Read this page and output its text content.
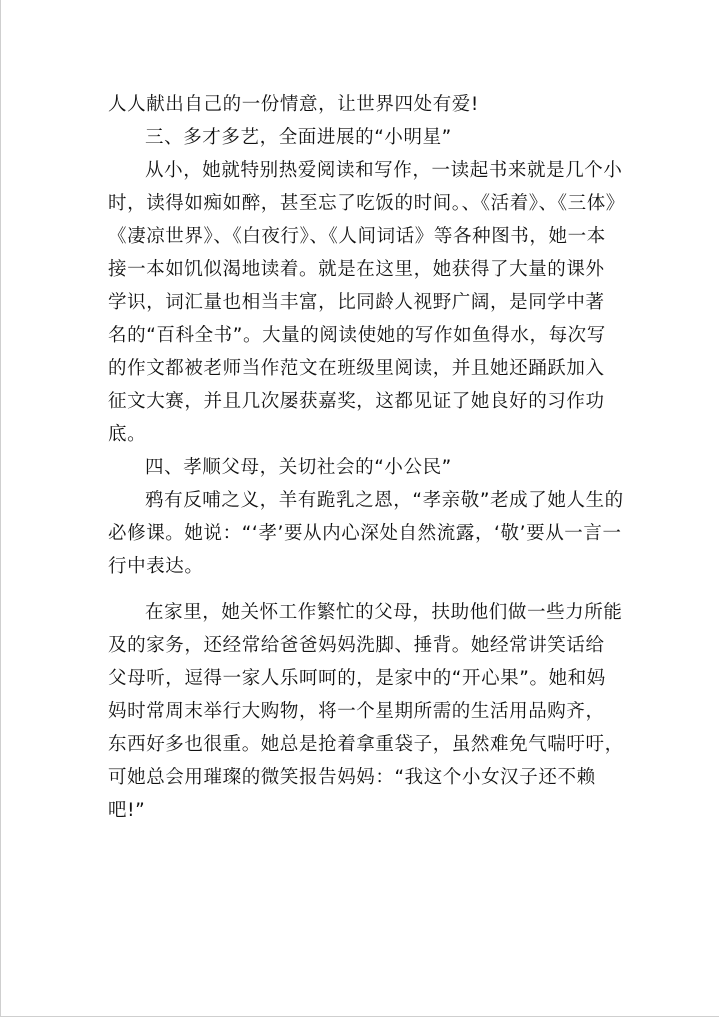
人人献出自己的一份情意，让世界四处有爱!
三、多才多艺，全面进展的“小明星”
从小，她就特别热爱阅读和写作，一读起书来就是几个小
时，读得如痴如醉，甚至忘了吃饭的时间。、《活着》、《三体》
《凄凉世界》、《白夜行》、《人间词话》等各种图书，她一本
接一本如饥似渴地读着。就是在这里，她获得了大量的课外
学识，词汇量也相当丰富，比同龄人视野广阔，是同学中著
名的“百科全书”。大量的阅读使她的写作如鱼得水，每次写
的作文都被老师当作范文在班级里阅读，并且她还踊跃加入
征文大赛，并且几次屡获嘉奖，这都见证了她良好的习作功
底。
四、孝顺父母，关切社会的“小公民”
鸦有反哺之义，羊有跪乳之恩，“孝亲敬”老成了她人生的
必修课。她说：“‘孝’要从内心深处自然流露，‘敬’要从一言一
行中表达。
在家里，她关怀工作繁忙的父母，扶助他们做一些力所能
及的家务，还经常给爸爸妈妈洗脚、捶背。她经常讲笑话给
父母听，逗得一家人乐呵呵的，是家中的“开心果”。她和妈
妈时常周末举行大购物，将一个星期所需的生活用品购齐，
东西好多也很重。她总是抢着拿重袋子，虽然难免气喘吁吁，
可她总会用璀璨的微笑报告妈妈：“我这个小女汉子还不赖
吧!”
